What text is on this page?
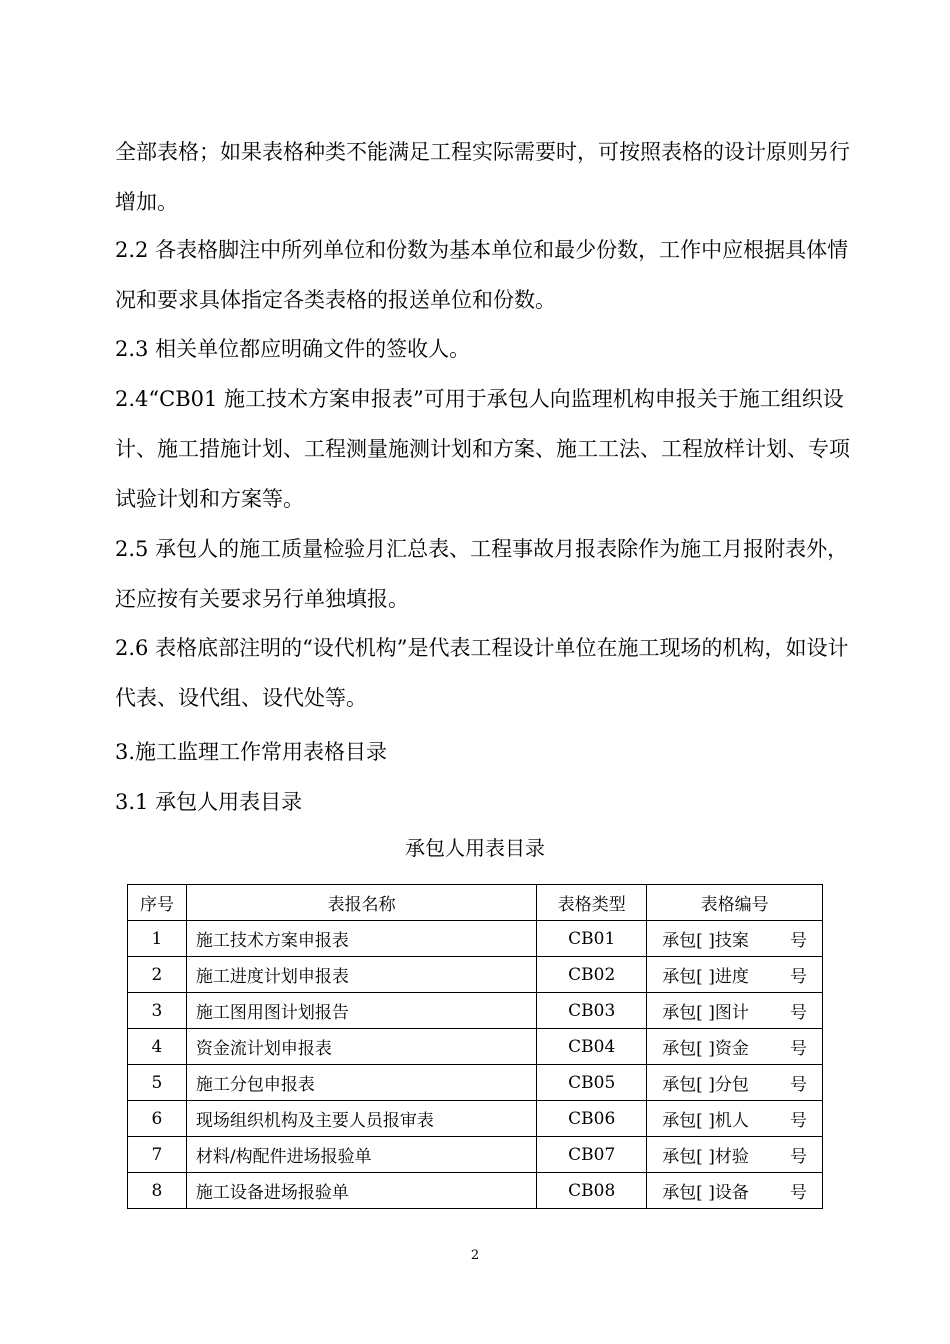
全部表格；如果表格种类不能满足工程实际需要时，可按照表格的设计原则另行增加。

2.2 各表格脚注中所列单位和份数为基本单位和最少份数，工作中应根据具体情况和要求具体指定各类表格的报送单位和份数。

2.3 相关单位都应明确文件的签收人。

2.4“CB01 施工技术方案申报表”可用于承包人向监理机构申报关于施工组织设计、施工措施计划、工程测量施测计划和方案、施工工法、工程放样计划、专项试验计划和方案等。

2.5 承包人的施工质量检验月汇总表、工程事故月报表除作为施工月报附表外，还应按有关要求另行单独填报。

2.6 表格底部注明的“设代机构”是代表工程设计单位在施工现场的机构，如设计代表、设代组、设代处等。

3.施工监理工作常用表格目录
3.1 承包人用表目录
承包人用表目录
序号	表报名称	表格类型	表格编号
1	施工技术方案申报表	CB01	承包[ ]技案 号

2	施工进度计划申报表	CB02	承包[ ]进度 号

3	施工图用图计划报告	CB03	承包[ ]图计 号

4	资金流计划申报表	CB04	承包[ ]资金 号

5	施工分包申报表	CB05	承包[ ]分包 号

6	现场组织机构及主要人员报审表	CB06	承包[ ]机人 号

7	材料/构配件进场报验单	CB07	承包[ ]材验 号

8	施工设备进场报验单	CB08	承包[ ]设备 号
2
